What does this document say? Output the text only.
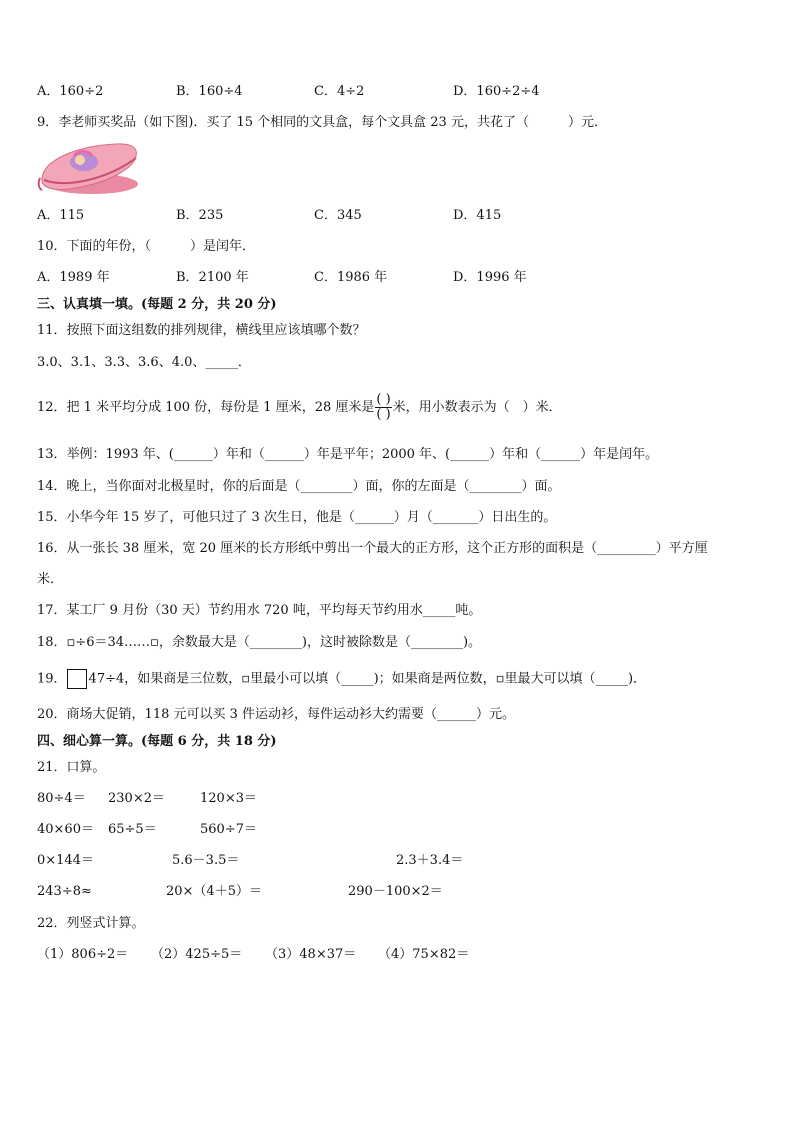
A．160÷2	B．160÷4	C．4÷2	D．160÷2÷4
9．李老师买奖品（如下图)．买了 15 个相同的文具盒，每个文具盒 23 元，共花了（　　　）元．
A．115	B．235	C．345	D．415
10．下面的年份，（　　　）是闰年．
A．1989 年	B．2100 年	C．1986 年	D．1996 年
三、认真填一填。(每题 2 分，共 20 分)
11．按照下面这组数的排列规律，横线里应该填哪个数？
3.0、3.1、3.3、3.6、4.0、_____．
12．把 1 米平均分成 100 份，每份是 1 厘米，28 厘米是 $\frac{( )}{( )}$ 米，用小数表示为（　）米．
13．举例：1993 年、(______）年和（______）年是平年；2000 年、(______）年和（______）年是闰年。
14．晚上，当你面对北极星时，你的后面是（________）面，你的左面是（________）面。
15．小华今年 15 岁了，可他只过了 3 次生日，他是（______）月（_______）日出生的。
16．从一张长 38 厘米，宽 20 厘米的长方形纸中剪出一个最大的正方形，这个正方形的面积是（_________）平方厘
米．
17．某工厂 9 月份（30 天）节约用水 720 吨，平均每天节约用水_____吨。
18．▫÷6＝34……▫，余数最大是（________)，这时被除数是（________)。
19． 47÷4，如果商是三位数，▫里最小可以填（_____)；如果商是两位数，▫里最大可以填（_____)．
20．商场大促销，118 元可以买 3 件运动衫，每件运动衫大约需要（______）元。
四、细心算一算。(每题 6 分，共 18 分)
21．口算。
80÷4＝ 230×2＝	120×3＝
40×60＝ 65÷5＝	560÷7＝
0×144＝	5.6－3.5＝	2.3＋3.4＝
243÷8≈	20×（4＋5）＝	290－100×2＝
22．列竖式计算。
（1）806÷2＝ （2）425÷5＝ （3）48×37＝ （4）75×82＝
